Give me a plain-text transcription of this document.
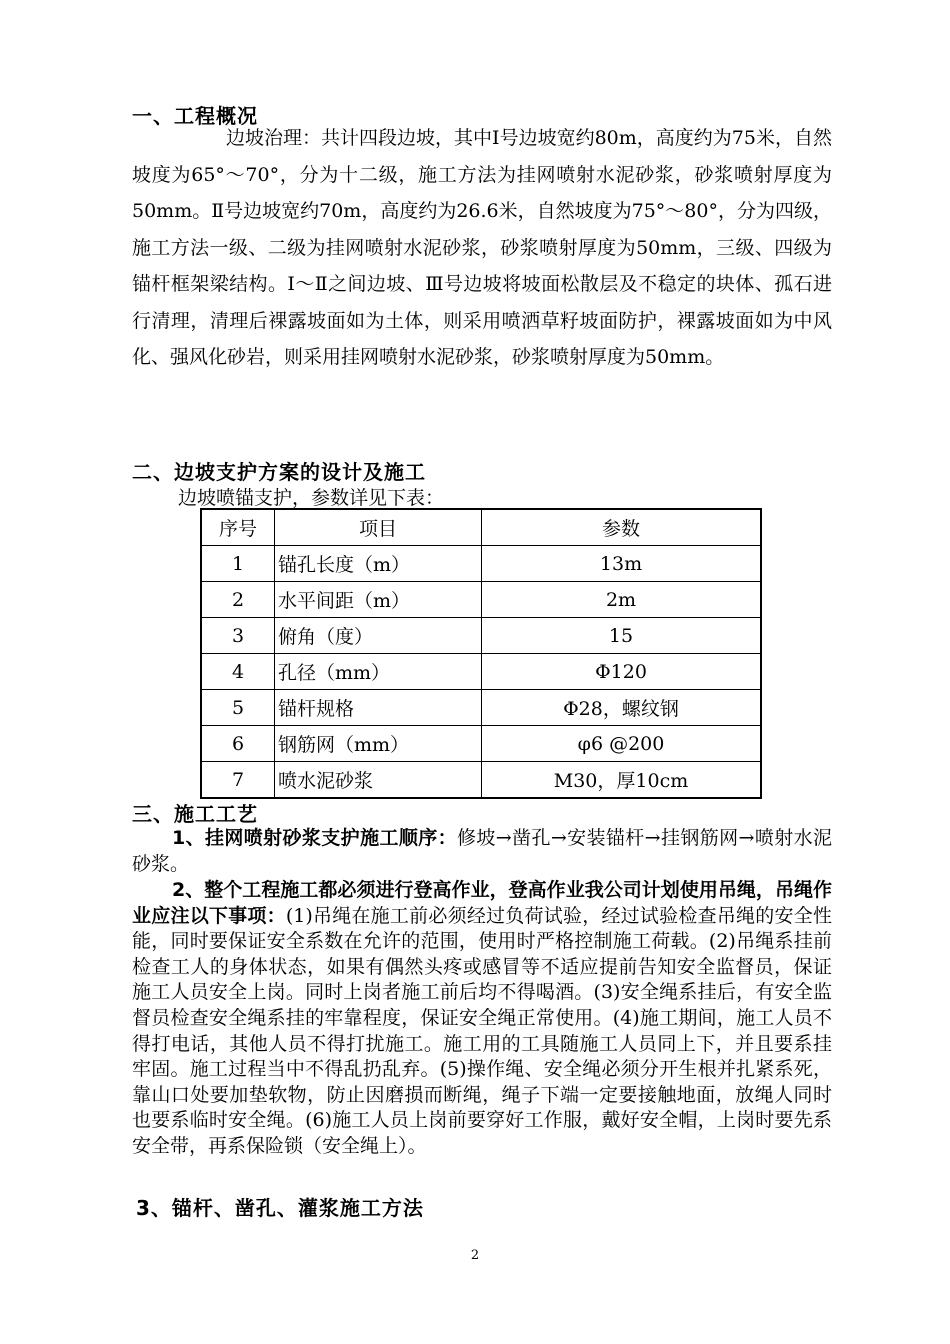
一、工程概况

边坡治理：共计四段边坡，其中Ⅰ号边坡宽约80m，高度约为75米，自然坡度为65°～70°，分为十二级，施工方法为挂网喷射水泥砂浆，砂浆喷射厚度为50mm。Ⅱ号边坡宽约70m，高度约为26.6米，自然坡度为75°～80°，分为四级，施工方法一级、二级为挂网喷射水泥砂浆，砂浆喷射厚度为50mm，三级、四级为锚杆框架梁结构。Ⅰ～Ⅱ之间边坡、Ⅲ号边坡将坡面松散层及不稳定的块体、孤石进行清理，清理后裸露坡面如为土体，则采用喷洒草籽坡面防护，裸露坡面如为中风化、强风化砂岩，则采用挂网喷射水泥砂浆，砂浆喷射厚度为50mm。

二、边坡支护方案的设计及施工
边坡喷锚支护，参数详见下表：
序号	项目	参数
1	锚孔长度（m）	13m
2	水平间距（m）	2m
3	俯角（度）	15
4	孔径（mm）	Φ120
5	锚杆规格	Φ28，螺纹钢
6	钢筋网（mm）	φ6 @200
7	喷水泥砂浆	M30，厚10cm
三、施工工艺

1、挂网喷射砂浆支护施工顺序：修坡→凿孔→安装锚杆→挂钢筋网→喷射水泥砂浆。

2、整个工程施工都必须进行登高作业，登高作业我公司计划使用吊绳，吊绳作业应注以下事项：(1)吊绳在施工前必须经过负荷试验，经过试验检查吊绳的安全性能，同时要保证安全系数在允许的范围，使用时严格控制施工荷载。(2)吊绳系挂前检查工人的身体状态，如果有偶然头疼或感冒等不适应提前告知安全监督员，保证施工人员安全上岗。同时上岗者施工前后均不得喝酒。(3)安全绳系挂后，有安全监督员检查安全绳系挂的牢靠程度，保证安全绳正常使用。(4)施工期间，施工人员不得打电话，其他人员不得打扰施工。施工用的工具随施工人员同上下，并且要系挂牢固。施工过程当中不得乱扔乱弃。(5)操作绳、安全绳必须分开生根并扎紧系死，靠山口处要加垫软物，防止因磨损而断绳，绳子下端一定要接触地面，放绳人同时也要系临时安全绳。(6)施工人员上岗前要穿好工作服，戴好安全帽，上岗时要先系安全带，再系保险锁（安全绳上）。

3、锚杆、凿孔、灌浆施工方法
2
